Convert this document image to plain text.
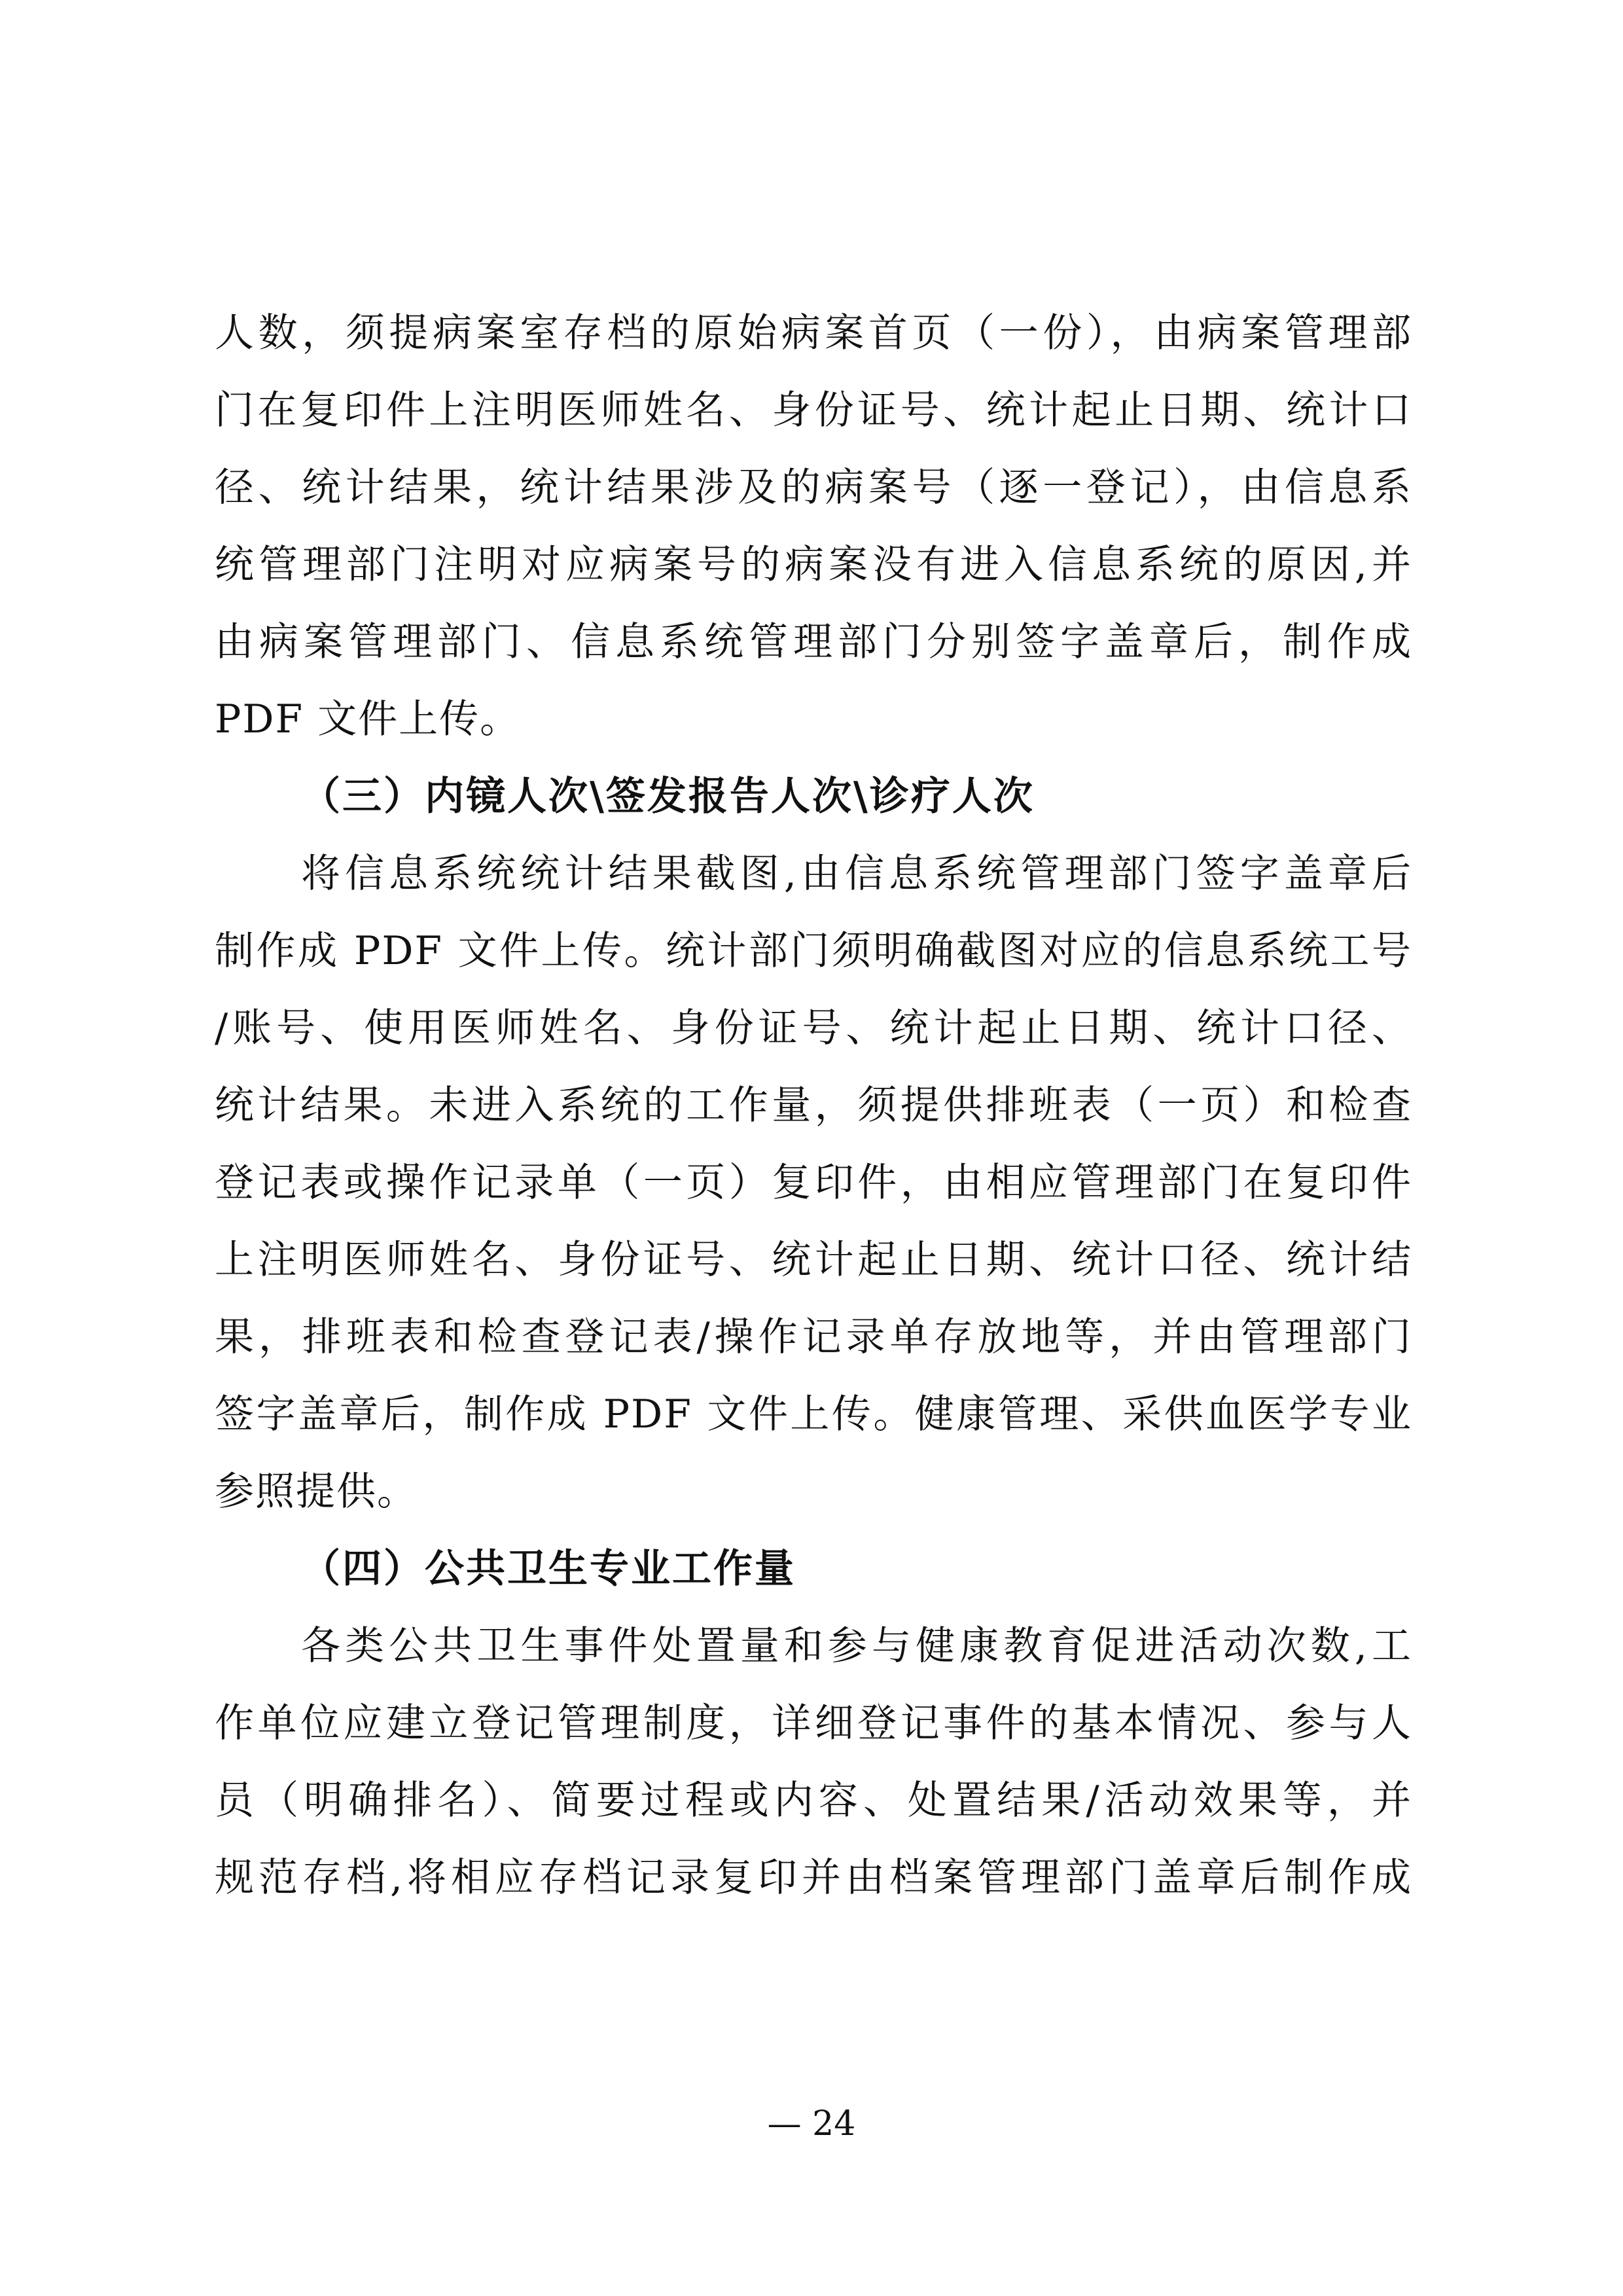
人数，须提病案室存档的原始病案首页（一份），由病案管理部
门在复印件上注明医师姓名、身份证号、统计起止日期、统计口
径、统计结果，统计结果涉及的病案号（逐一登记），由信息系
统管理部门注明对应病案号的病案没有进入信息系统的原因,并
由病案管理部门、信息系统管理部门分别签字盖章后，制作成
PDF 文件上传。
（三）内镜人次\签发报告人次\诊疗人次
将信息系统统计结果截图,由信息系统管理部门签字盖章后
制作成 PDF 文件上传。统计部门须明确截图对应的信息系统工号
/账号、使用医师姓名、身份证号、统计起止日期、统计口径、
统计结果。未进入系统的工作量，须提供排班表（一页）和检查
登记表或操作记录单（一页）复印件，由相应管理部门在复印件
上注明医师姓名、身份证号、统计起止日期、统计口径、统计结
果，排班表和检查登记表/操作记录单存放地等，并由管理部门
签字盖章后，制作成 PDF 文件上传。健康管理、采供血医学专业
参照提供。
（四）公共卫生专业工作量
各类公共卫生事件处置量和参与健康教育促进活动次数,工
作单位应建立登记管理制度，详细登记事件的基本情况、参与人
员（明确排名）、简要过程或内容、处置结果/活动效果等，并
规范存档,将相应存档记录复印并由档案管理部门盖章后制作成
— 24
